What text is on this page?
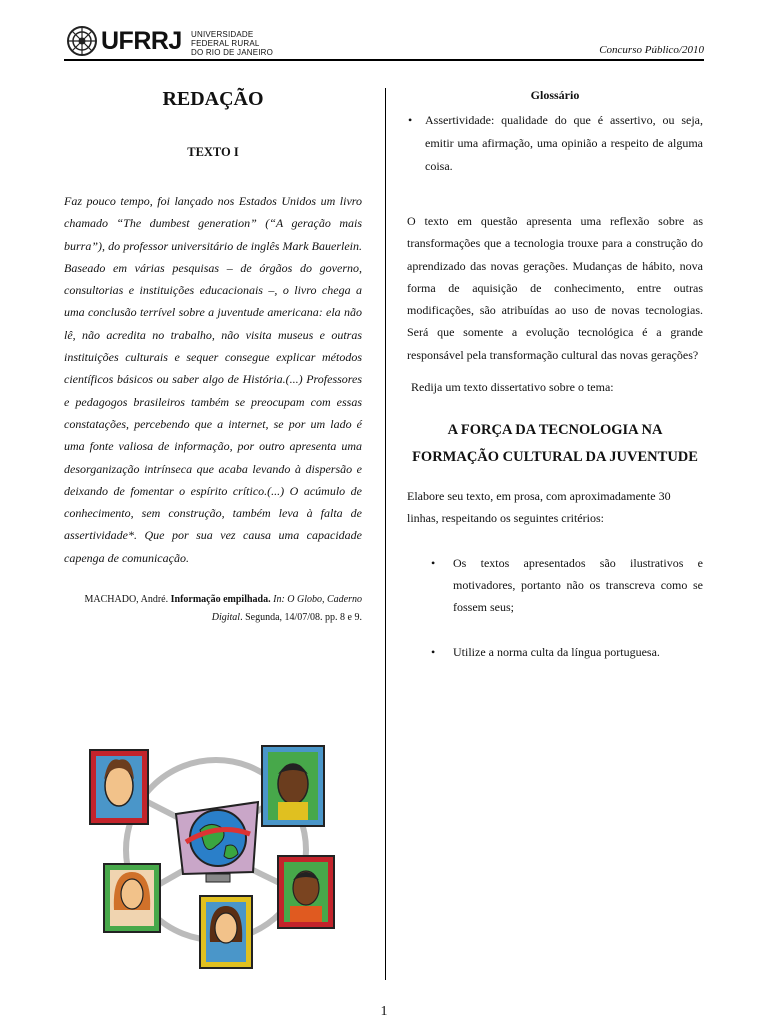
UFRRJ UNIVERSIDADE FEDERAL RURAL
DO RIO DE JANEIRO	Concurso Público/2010
REDAÇÃO
TEXTO I
Faz pouco tempo, foi lançado nos Estados Unidos um livro chamado “The dumbest generation” (“A geração mais burra”), do professor universitário de inglês Mark Bauerlein. Baseado em várias pesquisas – de órgãos do governo, consultorias e instituições educacionais –, o livro chega a uma conclusão terrível sobre a juventude americana: ela não lê, não acredita no trabalho, não visita museus e outras instituições culturais e sequer consegue explicar métodos científicos básicos ou saber algo de História.(...) Professores e pedagogos brasileiros também se preocupam com essas constatações, percebendo que a internet, se por um lado é uma fonte valiosa de informação, por outro apresenta uma desorganização intrínseca que acaba levando à dispersão e deixando de fomentar o espírito crítico.(...) O acúmulo de conhecimento, sem construção, também leva à falta de assertividade*. Que por sua vez causa uma capacidade capenga de comunicação.
MACHADO, André. Informação empilhada. In: O Globo, Caderno Digital. Segunda, 14/07/08. pp. 8 e 9.
Glossário
• Assertividade: qualidade do que é assertivo, ou seja, emitir uma afirmação, uma opinião a respeito de alguma coisa.
O texto em questão apresenta uma reflexão sobre as transformações que a tecnologia trouxe para a construção do aprendizado das novas gerações. Mudanças de hábito, nova forma de aquisição de conhecimento, entre outras modificações, são atribuídas ao uso de novas tecnologias. Será que somente a evolução tecnológica é a grande responsável pela transformação cultural das novas gerações?
Redija um texto dissertativo sobre o tema:
A FORÇA DA TECNOLOGIA NA FORMAÇÃO CULTURAL DA JUVENTUDE
Elabore seu texto, em prosa, com aproximadamente 30 linhas, respeitando os seguintes critérios:
• Os textos apresentados são ilustrativos e motivadores, portanto não os transcreva como se fossem seus;
• Utilize a norma culta da língua portuguesa.
1
